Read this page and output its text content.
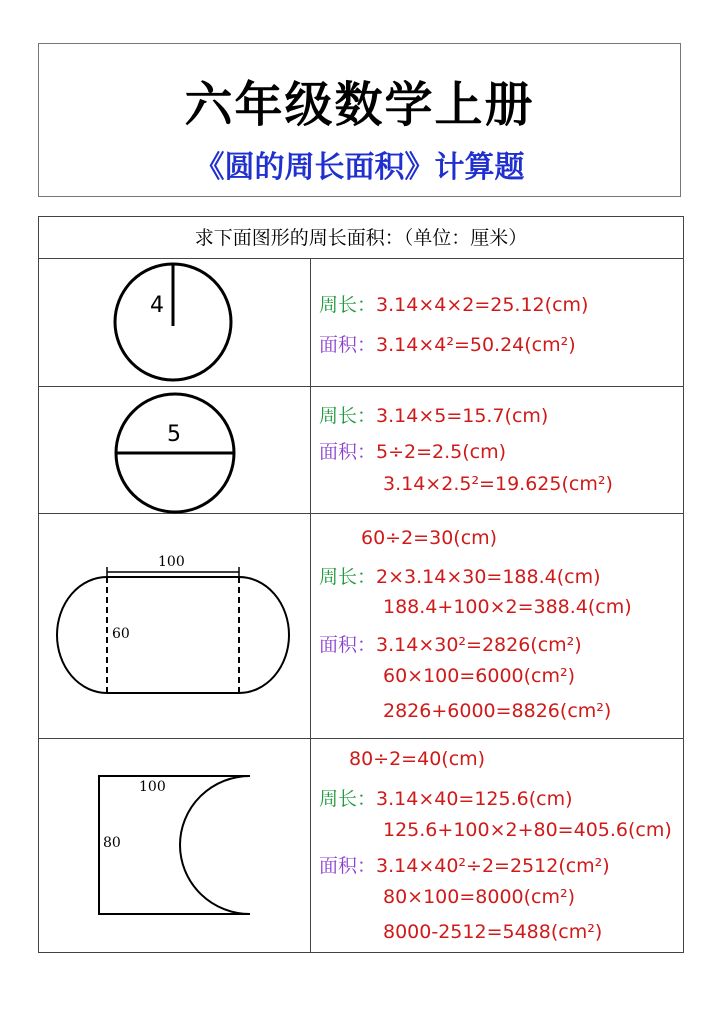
六年级数学上册
《圆的周长面积》计算题
求下面图形的周长面积：（单位：厘米）
4	周长：3.14×4×2=25.12(cm)
面积：3.14×4²=50.24(cm²)
5
周长：3.14×5=15.7(cm)
面积：5÷2=2.5(cm)
3.14×2.5²=19.625(cm²)
100
60
60÷2=30(cm)
周长：2×3.14×30=188.4(cm)
188.4+100×2=388.4(cm)
面积：3.14×30²=2826(cm²)
60×100=6000(cm²)
2826+6000=8826(cm²)
100
80
80÷2=40(cm)
周长：3.14×40=125.6(cm)
125.6+100×2+80=405.6(cm)
面积：3.14×40²÷2=2512(cm²)
80×100=8000(cm²)
8000-2512=5488(cm²)
